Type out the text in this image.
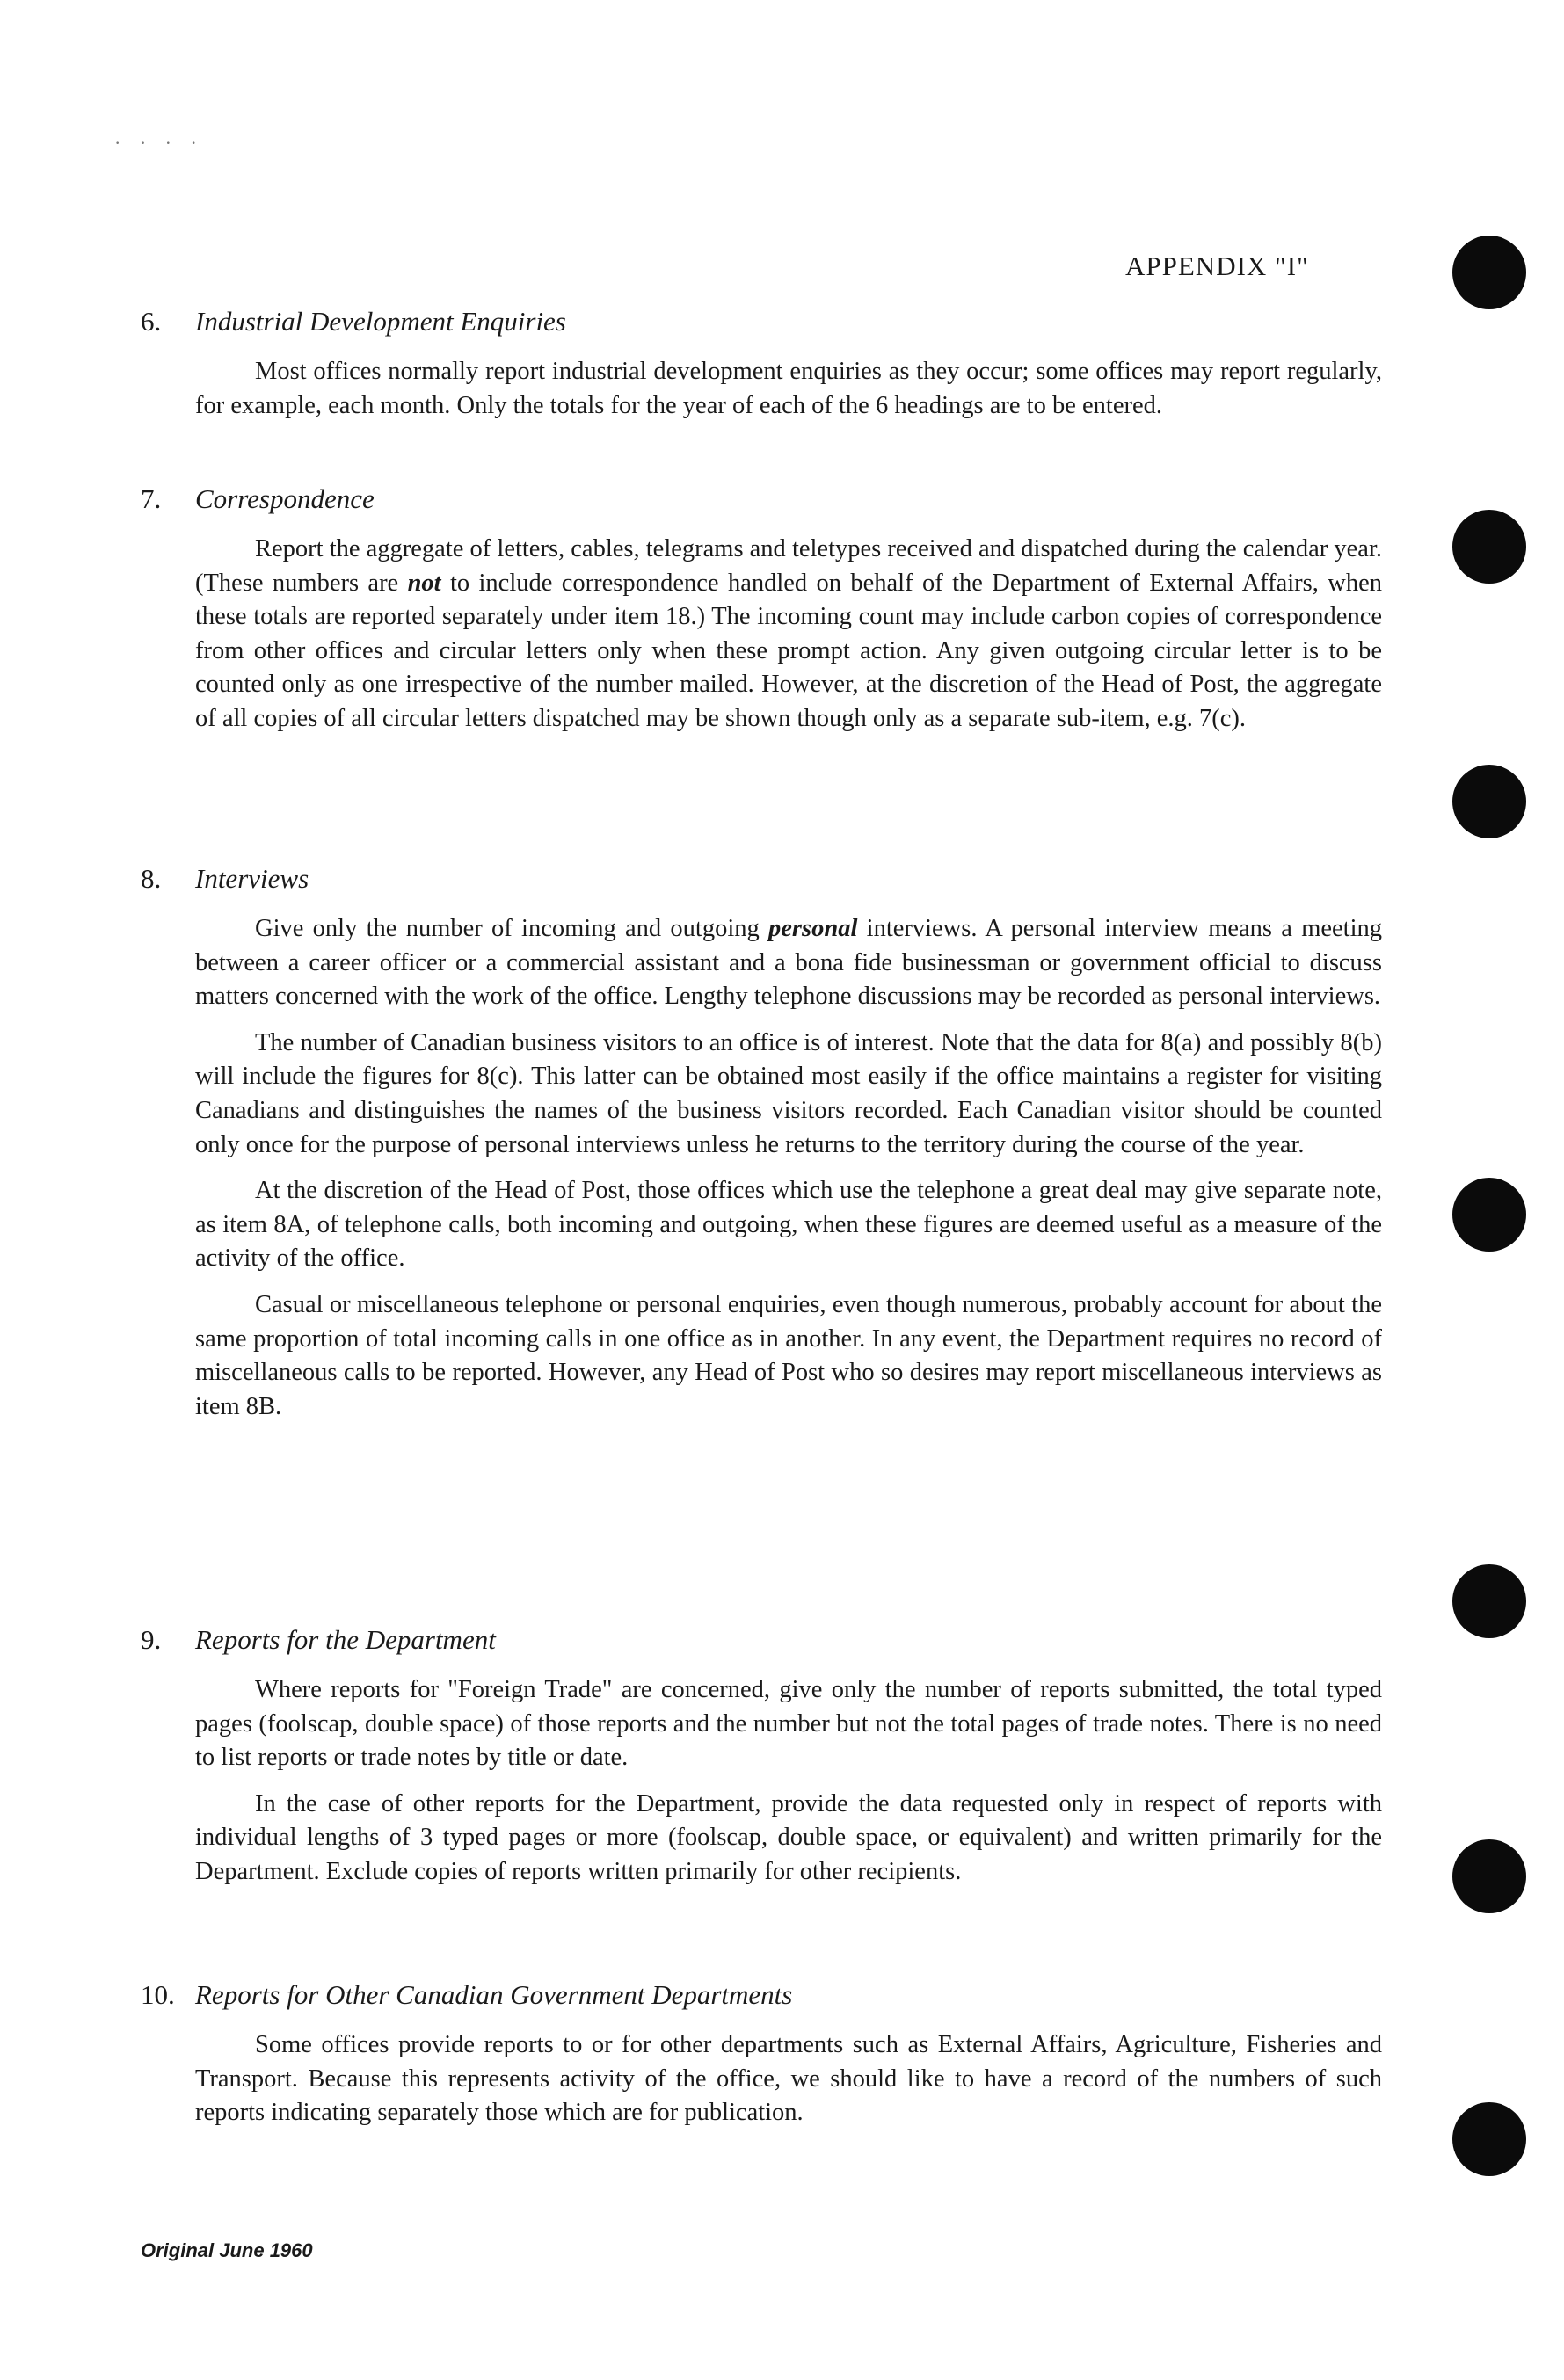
· · · ·
APPENDIX "I"
6. Industrial Development Enquiries

Most offices normally report industrial development enquiries as they occur; some offices may report regularly, for example, each month. Only the totals for the year of each of the 6 headings are to be entered.

7. Correspondence

Report the aggregate of letters, cables, telegrams and teletypes received and dispatched during the calendar year. (These numbers are not to include correspondence handled on behalf of the Department of External Affairs, when these totals are reported separately under item 18.) The incoming count may include carbon copies of correspondence from other offices and circular letters only when these prompt action. Any given outgoing circular letter is to be counted only as one irrespective of the number mailed. However, at the discretion of the Head of Post, the aggregate of all copies of all circular letters dispatched may be shown though only as a separate sub-item, e.g. 7(c).

8. Interviews

Give only the number of incoming and outgoing personal interviews. A personal interview means a meeting between a career officer or a commercial assistant and a bona fide businessman or government official to discuss matters concerned with the work of the office. Lengthy telephone discussions may be recorded as personal interviews.

The number of Canadian business visitors to an office is of interest. Note that the data for 8(a) and possibly 8(b) will include the figures for 8(c). This latter can be obtained most easily if the office maintains a register for visiting Canadians and distinguishes the names of the business visitors recorded. Each Canadian visitor should be counted only once for the purpose of personal interviews unless he returns to the territory during the course of the year.

At the discretion of the Head of Post, those offices which use the telephone a great deal may give separate note, as item 8A, of telephone calls, both incoming and outgoing, when these figures are deemed useful as a measure of the activity of the office.

Casual or miscellaneous telephone or personal enquiries, even though numerous, probably account for about the same proportion of total incoming calls in one office as in another. In any event, the Department requires no record of miscellaneous calls to be reported. However, any Head of Post who so desires may report miscellaneous interviews as item 8B.

9. Reports for the Department

Where reports for "Foreign Trade" are concerned, give only the number of reports submitted, the total typed pages (foolscap, double space) of those reports and the number but not the total pages of trade notes. There is no need to list reports or trade notes by title or date.

In the case of other reports for the Department, provide the data requested only in respect of reports with individual lengths of 3 typed pages or more (foolscap, double space, or equivalent) and written primarily for the Department. Exclude copies of reports written primarily for other recipients.

10. Reports for Other Canadian Government Departments

Some offices provide reports to or for other departments such as External Affairs, Agriculture, Fisheries and Transport. Because this represents activity of the office, we should like to have a record of the numbers of such reports indicating separately those which are for publication.

Original June 1960
